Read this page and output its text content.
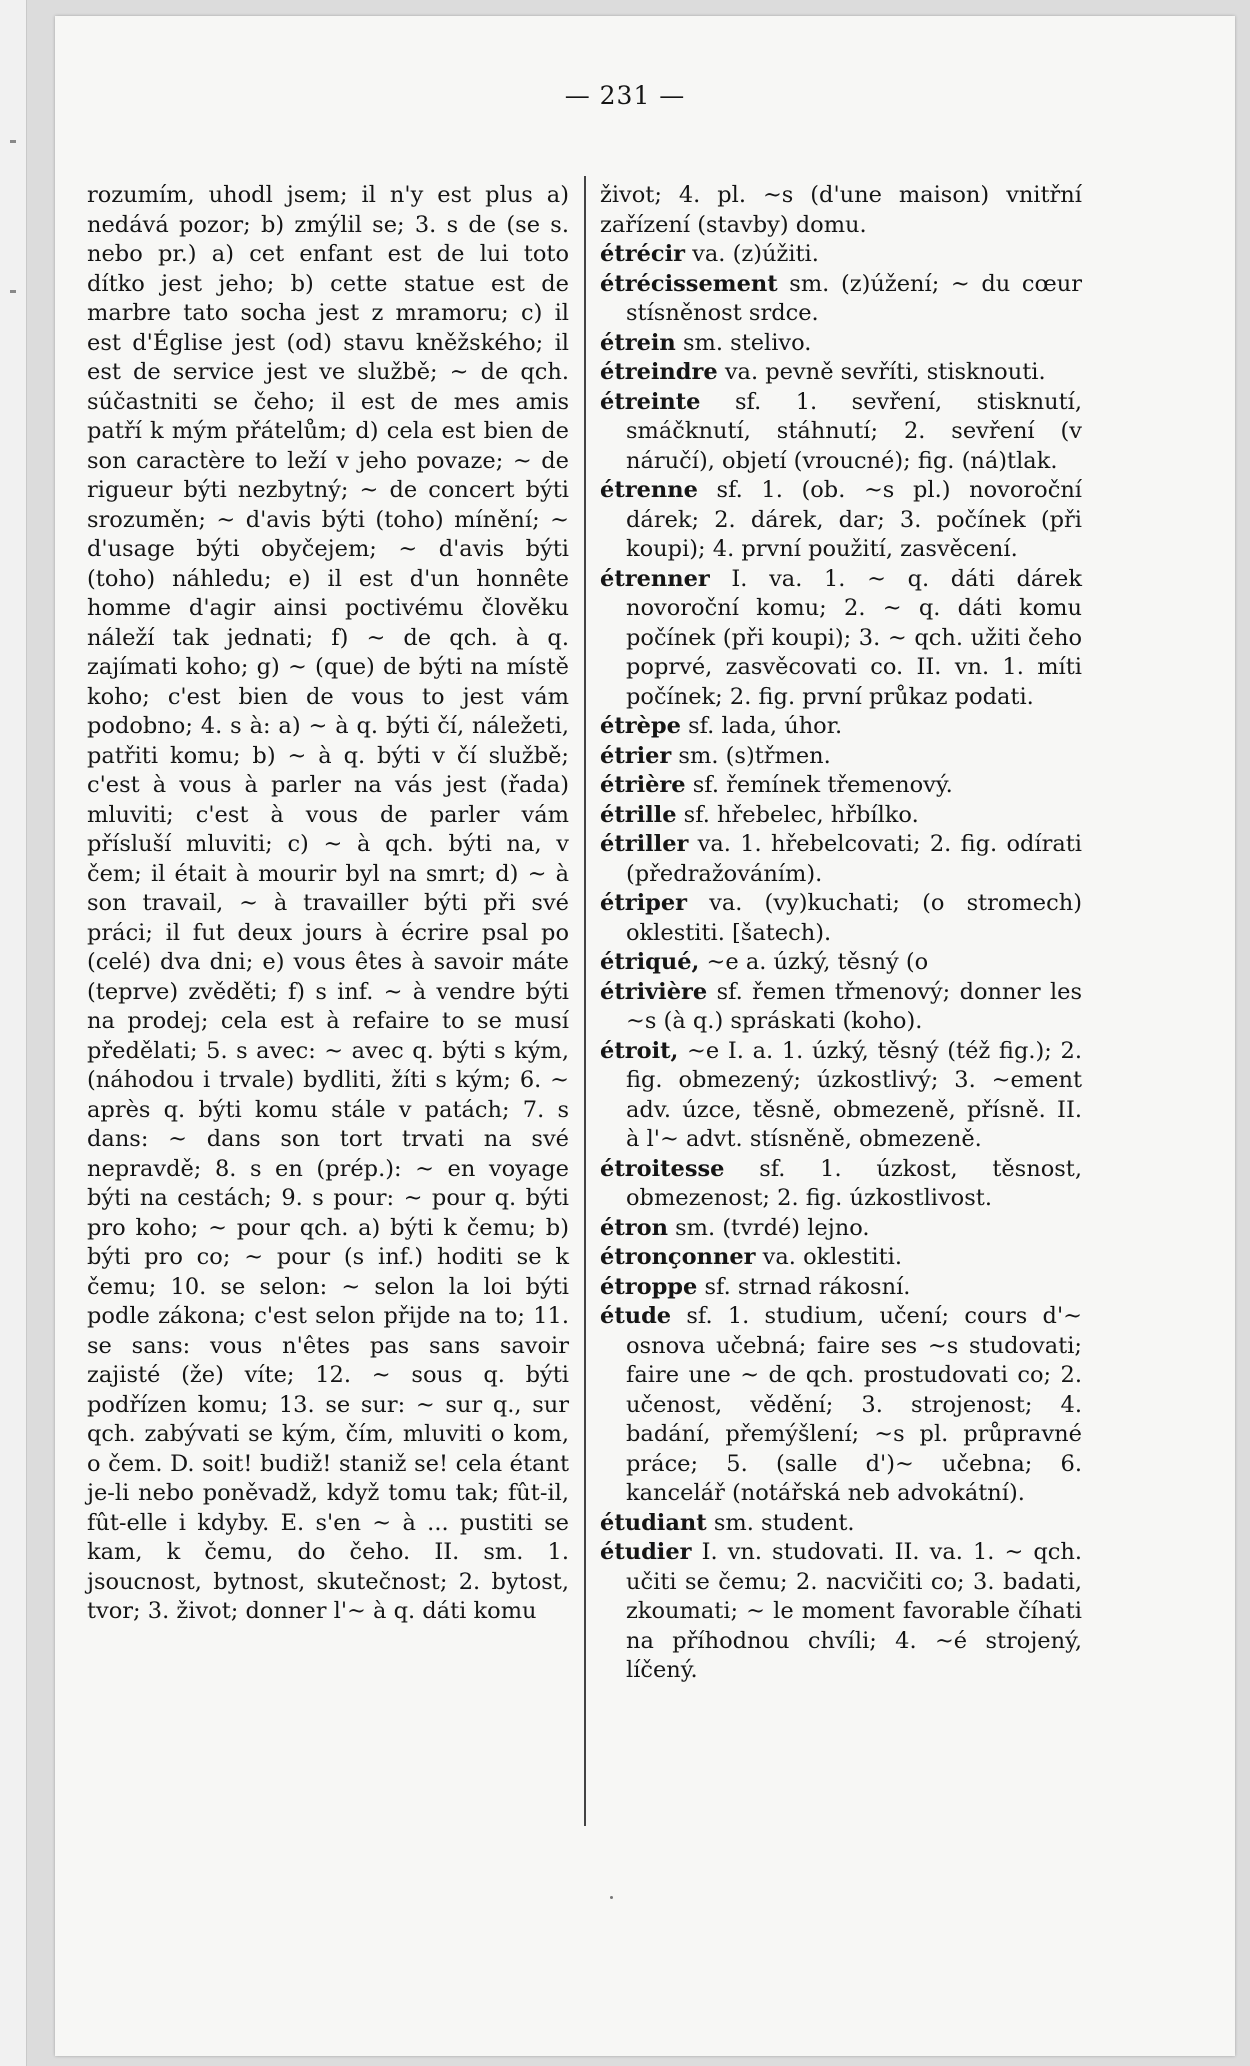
— 231 —
rozumím, uhodl jsem; il n'y est plus a) nedává pozor; b) zmýlil se; 3. s de (se s. nebo pr.) a) cet enfant est de lui toto dítko jest jeho; b) cette statue est de marbre tato socha jest z mramoru; c) il est d'Église jest (od) stavu kněžského; il est de service jest ve službě; ~ de qch. súčastniti se čeho; il est de mes amis patří k mým přátelům; d) cela est bien de son caractère to leží v jeho povaze; ~ de rigueur býti nezbytný; ~ de concert býti srozuměn; ~ d'avis býti (toho) mínění; ~ d'usage býti obyčejem; ~ d'avis býti (toho) náhledu; e) il est d'un honnête homme d'agir ainsi poctivému člověku náleží tak jednati; f) ~ de qch. à q. zajímati koho; g) ~ (que) de býti na místě koho; c'est bien de vous to jest vám podobno; 4. s à: a) ~ à q. býti čí, náležeti, patřiti komu; b) ~ à q. býti v čí službě; c'est à vous à parler na vás jest (řada) mluviti; c'est à vous de parler vám přísluší mluviti; c) ~ à qch. býti na, v čem; il était à mourir byl na smrt; d) ~ à son travail, ~ à travailler býti při své práci; il fut deux jours à écrire psal po (celé) dva dni; e) vous êtes à savoir máte (teprve) zvěděti; f) s inf. ~ à vendre býti na prodej; cela est à refaire to se musí předělati; 5. s avec: ~ avec q. býti s kým, (náhodou i trvale) bydliti, žíti s kým; 6. ~ après q. býti komu stále v patách; 7. s dans: ~ dans son tort trvati na své nepravdě; 8. s en (prép.): ~ en voyage býti na cestách; 9. s pour: ~ pour q. býti pro koho; ~ pour qch. a) býti k čemu; b) býti pro co; ~ pour (s inf.) hoditi se k čemu; 10. se selon: ~ selon la loi býti podle zákona; c'est selon přijde na to; 11. se sans: vous n'êtes pas sans savoir zajisté (že) víte; 12. ~ sous q. býti podřízen komu; 13. se sur: ~ sur q., sur qch. zabývati se kým, čím, mluviti o kom, o čem. D. soit! budiž! staniž se! cela étant je-li nebo poněvadž, když tomu tak; fût-il, fût-elle i kdyby. E. s'en ~ à ... pustiti se kam, k čemu, do čeho. II. sm. 1. jsoucnost, bytnost, skutečnost; 2. bytost, tvor; 3. život; donner l'~ à q. dáti komu
život; 4. pl. ~s (d'une maison) vnitřní zařízení (stavby) domu.
étrécir va. (z)úžiti.
étrécissement sm. (z)úžení; ~ du cœur stísněnost srdce.
étrein sm. stelivo.
étreindre va. pevně sevříti, stisknouti.
étreinte sf. 1. sevření, stisknutí, smáčknutí, stáhnutí; 2. sevření (v náručí), objetí (vroucné); fig. (ná)tlak.
étrenne sf. 1. (ob. ~s pl.) novoroční dárek; 2. dárek, dar; 3. počínek (při koupi); 4. první použití, zasvěcení.
étrenner I. va. 1. ~ q. dáti dárek novoroční komu; 2. ~ q. dáti komu počínek (při koupi); 3. ~ qch. užiti čeho poprvé, zasvěcovati co. II. vn. 1. míti počínek; 2. fig. první průkaz podati.
étrèpe sf. lada, úhor.
étrier sm. (s)třmen.
étrière sf. řemínek třemenový.
étrille sf. hřebelec, hřbílko.
étriller va. 1. hřebelcovati; 2. fig. odírati (předražováním).
étriper va. (vy)kuchati; (o stromech) oklestiti. [šatech).
étriqué, ~e a. úzký, těsný (o
étrivière sf. řemen třmenový; donner les ~s (à q.) spráskati (koho).
étroit, ~e I. a. 1. úzký, těsný (též fig.); 2. fig. obmezený; úzkostlivý; 3. ~ement adv. úzce, těsně, obmezeně, přísně. II. à l'~ advt. stísněně, obmezeně.
étroitesse sf. 1. úzkost, těsnost, obmezenost; 2. fig. úzkostlivost.
étron sm. (tvrdé) lejno.
étronçonner va. oklestiti.
étroppe sf. strnad rákosní.
étude sf. 1. studium, učení; cours d'~ osnova učebná; faire ses ~s studovati; faire une ~ de qch. prostudovati co; 2. učenost, vědění; 3. strojenost; 4. badání, přemýšlení; ~s pl. průpravné práce; 5. (salle d')~ učebna; 6. kancelář (notářská neb advokátní).
étudiant sm. student.
étudier I. vn. studovati. II. va. 1. ~ qch. učiti se čemu; 2. nacvičiti co; 3. badati, zkoumati; ~ le moment favorable číhati na příhodnou chvíli; 4. ~é strojený, líčený.
